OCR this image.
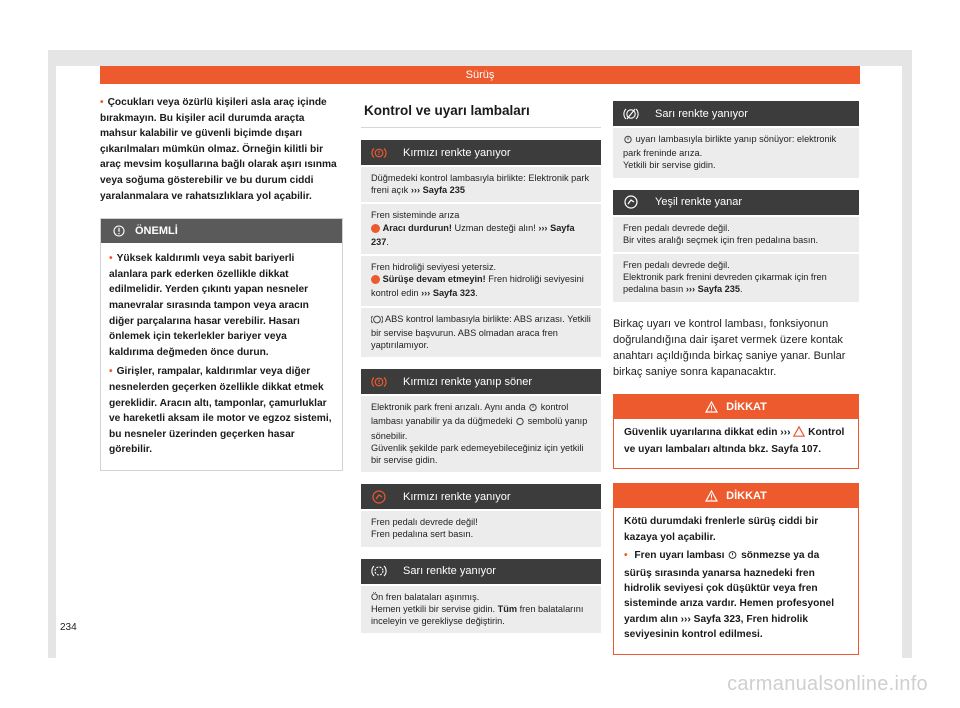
Sürüş

• Çocukları veya özürlü kişileri asla araç içinde bırakmayın. Bu kişiler acil durumda araçta mahsur kalabilir ve güvenli biçimde dışarı çıkarılmaları mümkün olmaz. Örneğin kilitli bir araç mevsim koşullarına bağlı olarak aşırı ısınma veya soğuma gösterebilir ve bu durum ciddi yaralanmalara ve rahatsızlıklara yol açabilir.

ÖNEMLİ

• Yüksek kaldırımlı veya sabit bariyerli alanlara park ederken özellikle dikkat edilmelidir. Yerden çıkıntı yapan nesneler manevralar sırasında tampon veya aracın diğer parçalarına hasar verebilir. Hasarı önlemek için tekerlekler bariyer veya kaldırıma değmeden önce durun.

• Girişler, rampalar, kaldırımlar veya diğer nesnelerden geçerken özellikle dikkat etmek gereklidir. Aracın altı, tamponlar, çamurluklar ve hareketli aksam ile motor ve egzoz sistemi, bu nesneler üzerinden geçerken hasar görebilir.

Kontrol ve uyarı lambaları
Kırmızı renkte yanıyor
Düğmedeki kontrol lambasıyla birlikte: Elektronik park freni açık ››› Sayfa 235
Fren sisteminde arıza
Aracı durdurun! Uzman desteği alın! ››› Sayfa 237.
Fren hidroliği seviyesi yetersiz.
Sürüşe devam etmeyin! Fren hidroliği seviyesini kontrol edin ››› Sayfa 323.
ABS kontrol lambasıyla birlikte: ABS arızası. Yetkili bir servise başvurun. ABS olmadan araca fren yaptırılamıyor.
Kırmızı renkte yanıp söner
Elektronik park freni arızalı. Aynı anda kontrol lambası yanabilir ya da düğmedeki sembolü yanıp sönebilir.
Güvenlik şekilde park edemeyebileceğiniz için yetkili bir servise gidin.
Kırmızı renkte yanıyor
Fren pedalı devrede değil!
Fren pedalına sert basın.
Sarı renkte yanıyor
Ön fren balataları aşınmış.
Hemen yetkili bir servise gidin. Tüm fren balatalarını inceleyin ve gerekliyse değiştirin.
Sarı renkte yanıyor
uyarı lambasıyla birlikte yanıp sönüyor: elektronik park freninde arıza.
Yetkili bir servise gidin.
Yeşil renkte yanar
Fren pedalı devrede değil.
Bir vites aralığı seçmek için fren pedalına basın.
Fren pedalı devrede değil.
Elektronik park frenini devreden çıkarmak için fren pedalına basın ››› Sayfa 235.

Birkaç uyarı ve kontrol lambası, fonksiyonun doğrulandığına dair işaret vermek üzere kontak anahtarı açıldığında birkaç saniye yanar. Bunlar birkaç saniye sonra kapanacaktır.

DİKKAT

Güvenlik uyarılarına dikkat edin ››› Kontrol ve uyarı lambaları altında bkz. Sayfa 107.

DİKKAT

Kötü durumdaki frenlerle sürüş ciddi bir kazaya yol açabilir.

• Fren uyarı lambası sönmezse ya da sürüş sırasında yanarsa haznedeki fren hidrolik seviyesi çok düşüktür veya fren sisteminde arıza vardır. Hemen profesyonel yardım alın ››› Sayfa 323, Fren hidrolik seviyesinin kontrol edilmesi.

234
carmanualsonline.info
